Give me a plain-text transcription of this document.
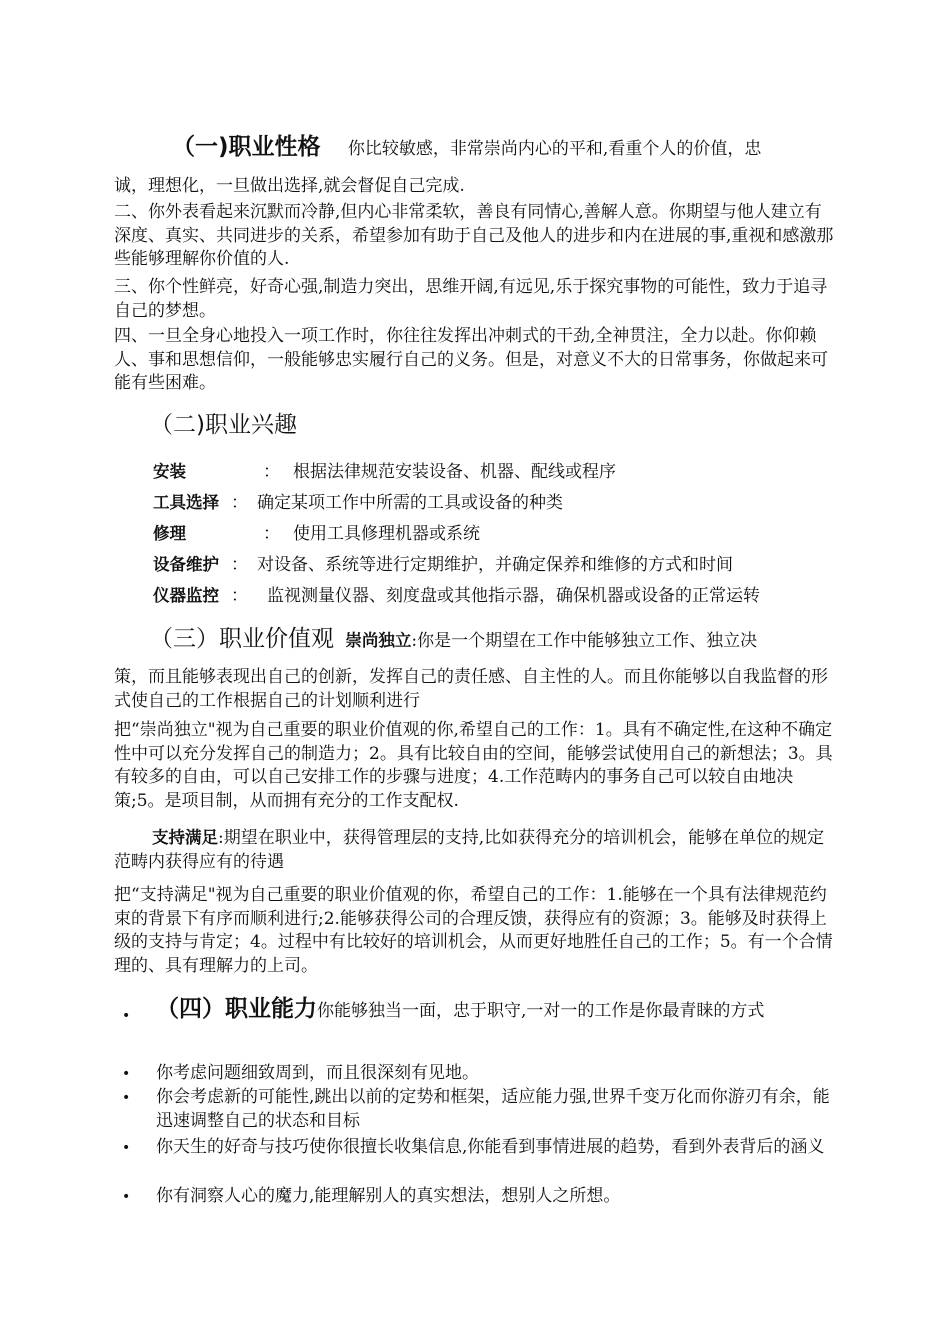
（一)职业性格 你比较敏感，非常崇尚内心的平和,看重个人的价值，忠

诚，理想化，一旦做出选择,就会督促自己完成.

二、你外表看起来沉默而冷静,但内心非常柔软，善良有同情心,善解人意。你期望与他人建立有深度、真实、共同进步的关系，希望参加有助于自己及他人的进步和内在进展的事,重视和感激那些能够理解你价值的人.

三、你个性鲜亮，好奇心强,制造力突出，思维开阔,有远见,乐于探究事物的可能性，致力于追寻自己的梦想。

四、一旦全身心地投入一项工作时，你往往发挥出冲刺式的干劲,全神贯注，全力以赴。你仰赖人、事和思想信仰，一般能够忠实履行自己的义务。但是，对意义不大的日常事务，你做起来可能有些困难。

（二)职业兴趣
安装	： 根据法律规范安装设备、机器、配线或程序
工具选择 ： 确定某项工作中所需的工具或设备的种类
修理	： 使用工具修理机器或系统
设备维护 ： 对设备、系统等进行定期维护，并确定保养和维修的方式和时间
仪器监控 ： 监视测量仪器、刻度盘或其他指示器，确保机器或设备的正常运转
（三）职业价值观 崇尚独立:你是一个期望在工作中能够独立工作、独立决

策，而且能够表现出自己的创新，发挥自己的责任感、自主性的人。而且你能够以自我监督的形式使自己的工作根据自己的计划顺利进行

把“崇尚独立"视为自己重要的职业价值观的你,希望自己的工作：1。具有不确定性,在这种不确定性中可以充分发挥自己的制造力；2。具有比较自由的空间，能够尝试使用自己的新想法；3。具有较多的自由，可以自己安排工作的步骤与进度；4.工作范畴内的事务自己可以较自由地决策;5。是项目制，从而拥有充分的工作支配权.

支持满足:期望在职业中，获得管理层的支持,比如获得充分的培训机会，能够在单位的规定范畴内获得应有的待遇

把“支持满足"视为自己重要的职业价值观的你，希望自己的工作：1.能够在一个具有法律规范约束的背景下有序而顺利进行;2.能够获得公司的合理反馈，获得应有的资源；3。能够及时获得上级的支持与肯定；4。过程中有比较好的培训机会，从而更好地胜任自己的工作；5。有一个合情理的、具有理解力的上司。

• （四）职业能力你能够独当一面，忠于职守,一对一的工作是你最青睐的方式
• 你考虑问题细致周到，而且很深刻有见地。

• 你会考虑新的可能性,跳出以前的定势和框架，适应能力强,世界千变万化而你游刃有余，能迅速调整自己的状态和目标

• 你天生的好奇与技巧使你很擅长收集信息,你能看到事情进展的趋势，看到外表背后的涵义

• 你有洞察人心的魔力,能理解别人的真实想法，想别人之所想。
